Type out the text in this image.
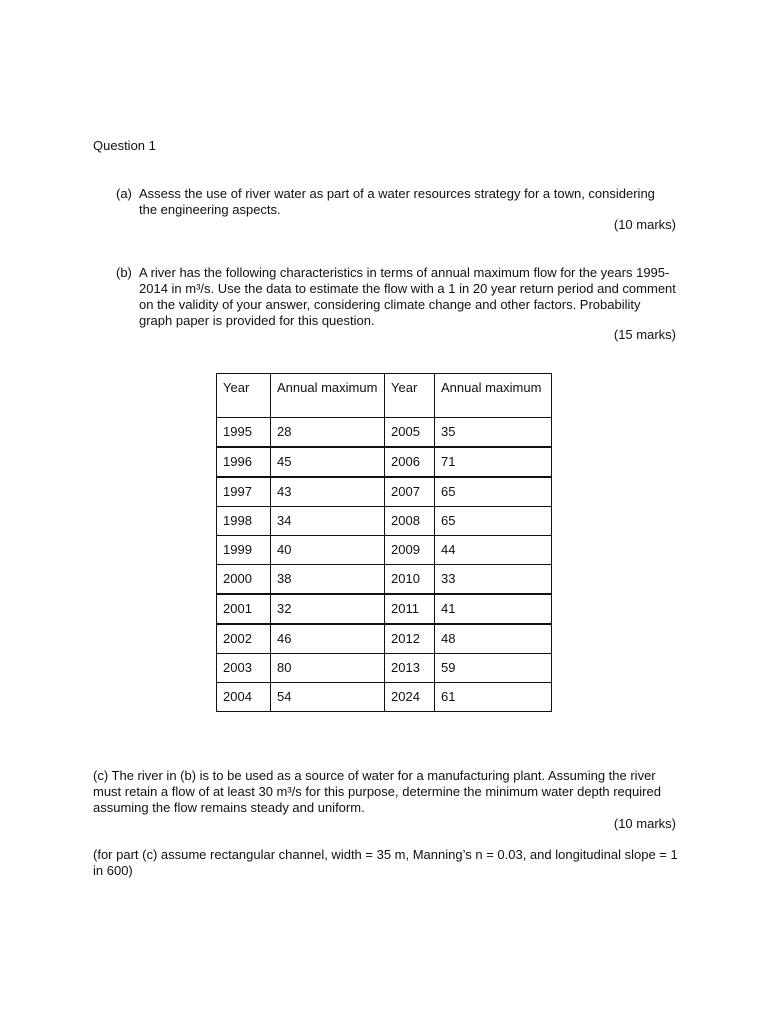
Question 1
(a) Assess the use of river water as part of a water resources strategy for a town, considering the engineering aspects.
(10 marks)
(b) A river has the following characteristics in terms of annual maximum flow for the years 1995-2014 in m³/s. Use the data to estimate the flow with a 1 in 20 year return period and comment on the validity of your answer, considering climate change and other factors. Probability graph paper is provided for this question.
(15 marks)
Year	Annual maximum	Year	Annual maximum
1995	28	2005	35
1996	45	2006	71
1997	43	2007	65
1998	34	2008	65
1999	40	2009	44
2000	38	2010	33
2001	32	2011	41
2002	46	2012	48
2003	80	2013	59
2004	54	2024	61
(c) The river in (b) is to be used as a source of water for a manufacturing plant. Assuming the river must retain a flow of at least 30 m³/s for this purpose, determine the minimum water depth required assuming the flow remains steady and uniform.
(10 marks)
(for part (c) assume rectangular channel, width = 35 m, Manning’s n = 0.03, and longitudinal slope = 1 in 600)
